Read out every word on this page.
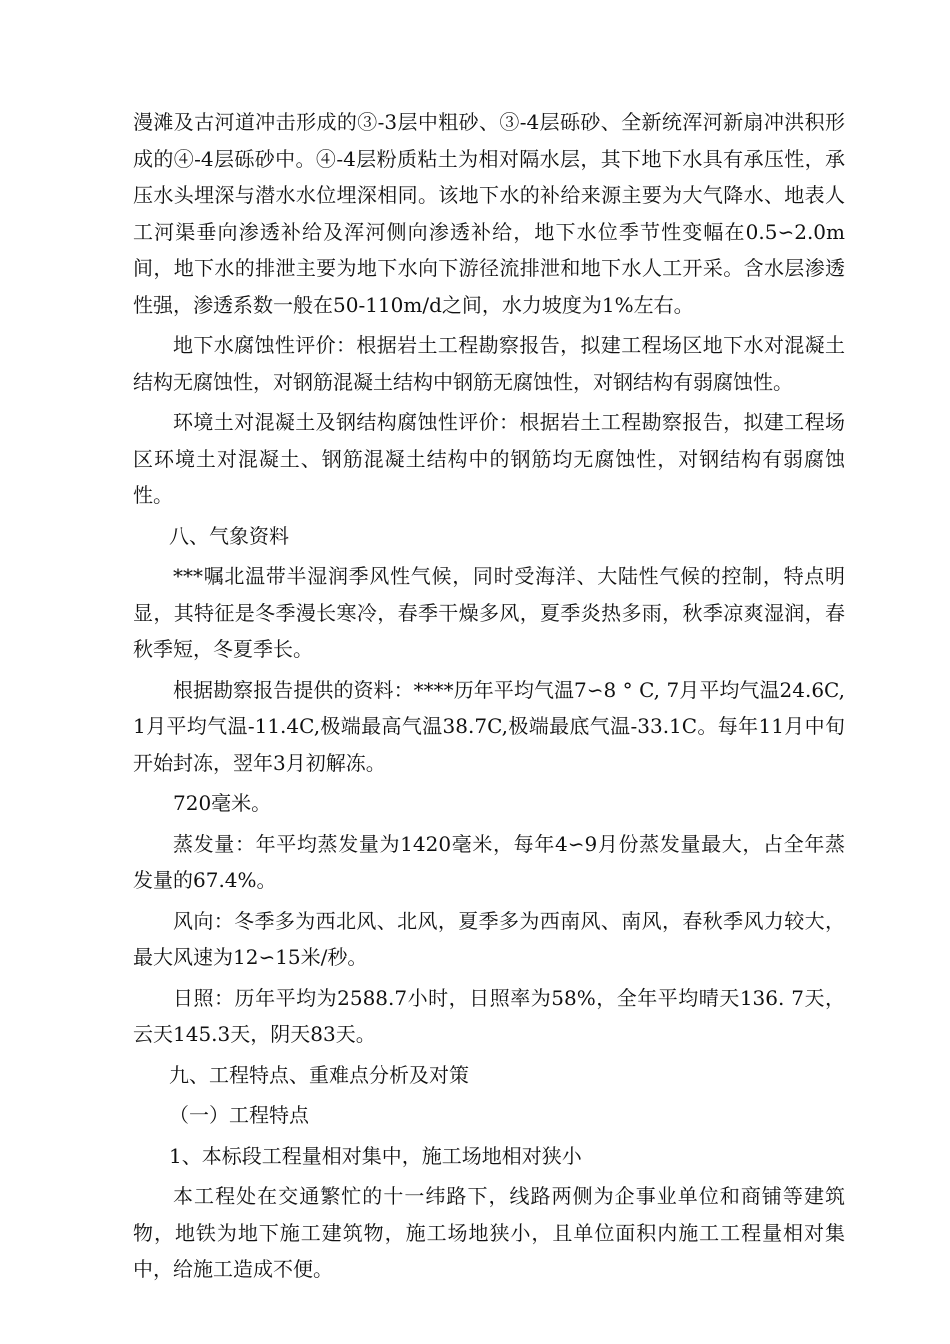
漫滩及古河道冲击形成的③-3层中粗砂、③-4层砾砂、全新统浑河新扇冲洪积形成的④-4层砾砂中。④-4层粉质粘土为相对隔水层，其下地下水具有承压性，承压水头埋深与潜水水位埋深相同。该地下水的补给来源主要为大气降水、地表人工河渠垂向渗透补给及浑河侧向渗透补给，地下水位季节性变幅在0.5∽2.0m间，地下水的排泄主要为地下水向下游径流排泄和地下水人工开采。含水层渗透性强，渗透系数一般在50-110m/d之间，水力坡度为1%左右。

地下水腐蚀性评价：根据岩土工程勘察报告，拟建工程场区地下水对混凝土结构无腐蚀性，对钢筋混凝土结构中钢筋无腐蚀性，对钢结构有弱腐蚀性。

环境土对混凝土及钢结构腐蚀性评价：根据岩土工程勘察报告，拟建工程场区环境土对混凝土、钢筋混凝土结构中的钢筋均无腐蚀性，对钢结构有弱腐蚀性。

八、气象资料

***嘱北温带半湿润季风性气候，同时受海洋、大陆性气候的控制，特点明显，其特征是冬季漫长寒冷，春季干燥多风，夏季炎热多雨，秋季凉爽湿润，春秋季短，冬夏季长。

根据勘察报告提供的资料：****历年平均气温7∽8 ° C, 7月平均气温24.6C, 1月平均气温-11.4C,极端最高气温38.7C,极端最底气温-33.1C。每年11月中旬开始封冻，翌年3月初解冻。

720毫米。

蒸发量：年平均蒸发量为1420毫米，每年4∽9月份蒸发量最大，占全年蒸发量的67.4%。

风向：冬季多为西北风、北风，夏季多为西南风、南风，春秋季风力较大，最大风速为12∽15米/秒。

日照：历年平均为2588.7小时，日照率为58%，全年平均晴天136. 7天，云天145.3天，阴天83天。

九、工程特点、重难点分析及对策

（一）工程特点

1、本标段工程量相对集中，施工场地相对狭小

本工程处在交通繁忙的十一纬路下，线路两侧为企事业单位和商铺等建筑物，地铁为地下施工建筑物，施工场地狭小，且单位面积内施工工程量相对集中，给施工造成不便。
